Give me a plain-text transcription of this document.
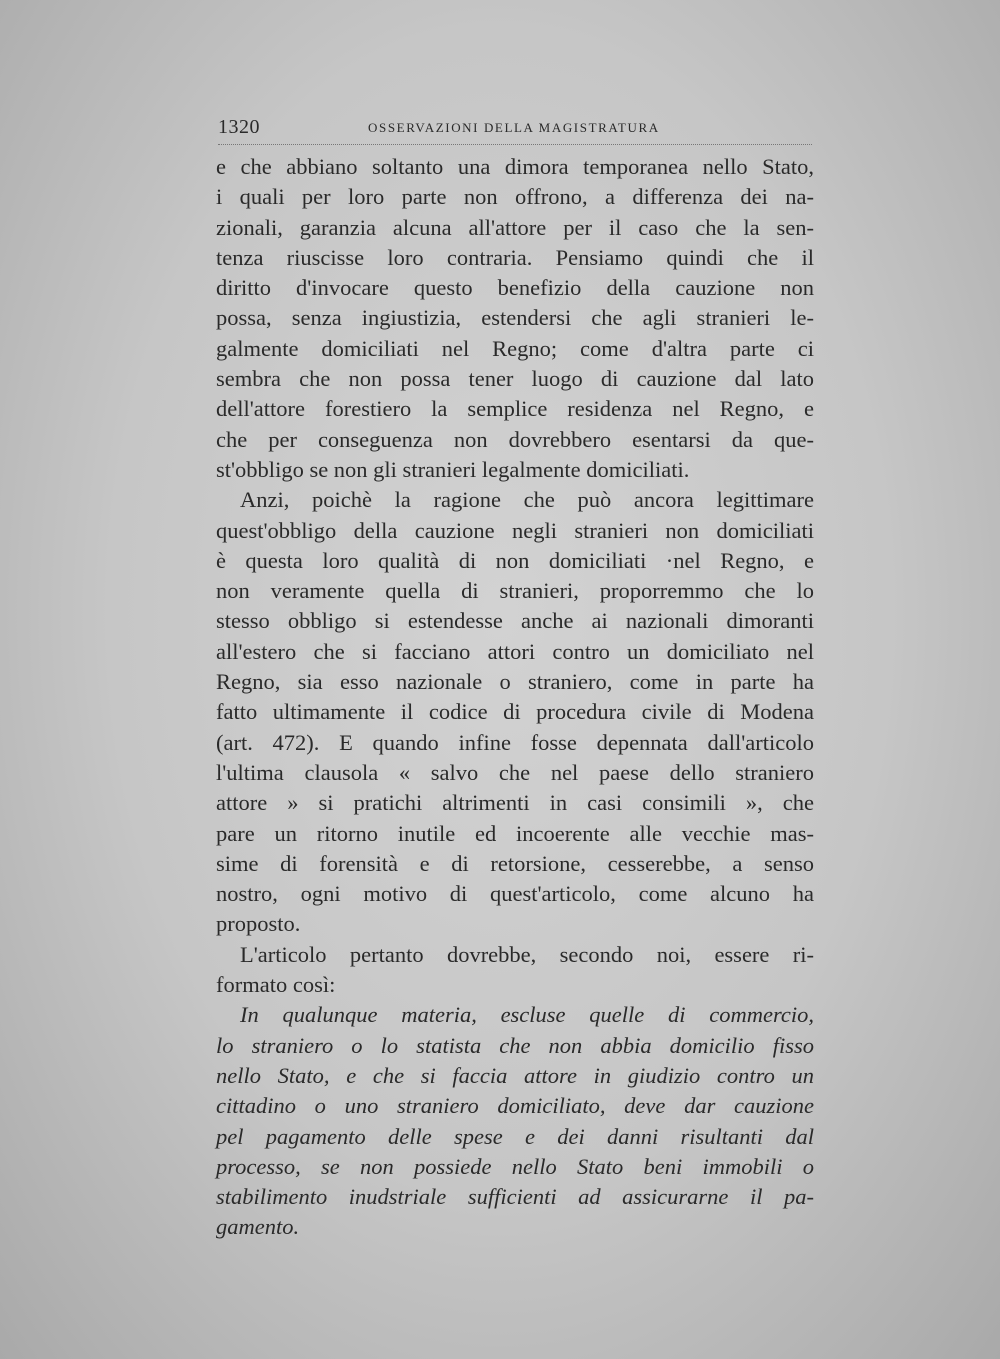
1320	OSSERVAZIONI DELLA MAGISTRATURA
e che abbiano soltanto una dimora temporanea nello Stato,
i quali per loro parte non offrono, a differenza dei na-
zionali, garanzia alcuna all'attore per il caso che la sen-
tenza riuscisse loro contraria. Pensiamo quindi che il
diritto d'invocare questo benefizio della cauzione non
possa, senza ingiustizia, estendersi che agli stranieri le-
galmente domiciliati nel Regno; come d'altra parte ci
sembra che non possa tener luogo di cauzione dal lato
dell'attore forestiero la semplice residenza nel Regno, e
che per conseguenza non dovrebbero esentarsi da que-
st'obbligo se non gli stranieri legalmente domiciliati.
Anzi, poichè la ragione che può ancora legittimare
quest'obbligo della cauzione negli stranieri non domiciliati
è questa loro qualità di non domiciliati ·nel Regno, e
non veramente quella di stranieri, proporremmo che lo
stesso obbligo si estendesse anche ai nazionali dimoranti
all'estero che si facciano attori contro un domiciliato nel
Regno, sia esso nazionale o straniero, come in parte ha
fatto ultimamente il codice di procedura civile di Modena
(art. 472). E quando infine fosse depennata dall'articolo
l'ultima clausola « salvo che nel paese dello straniero
attore » si pratichi altrimenti in casi consimili », che
pare un ritorno inutile ed incoerente alle vecchie mas-
sime di forensità e di retorsione, cesserebbe, a senso
nostro, ogni motivo di quest'articolo, come alcuno ha
proposto.
L'articolo pertanto dovrebbe, secondo noi, essere ri-
formato così:
In qualunque materia, escluse quelle di commercio,
lo straniero o lo statista che non abbia domicilio fisso
nello Stato, e che si faccia attore in giudizio contro un
cittadino o uno straniero domiciliato, deve dar cauzione
pel pagamento delle spese e dei danni risultanti dal
processo, se non possiede nello Stato beni immobili o
stabilimento inudstriale sufficienti ad assicurarne il pa-
gamento.
